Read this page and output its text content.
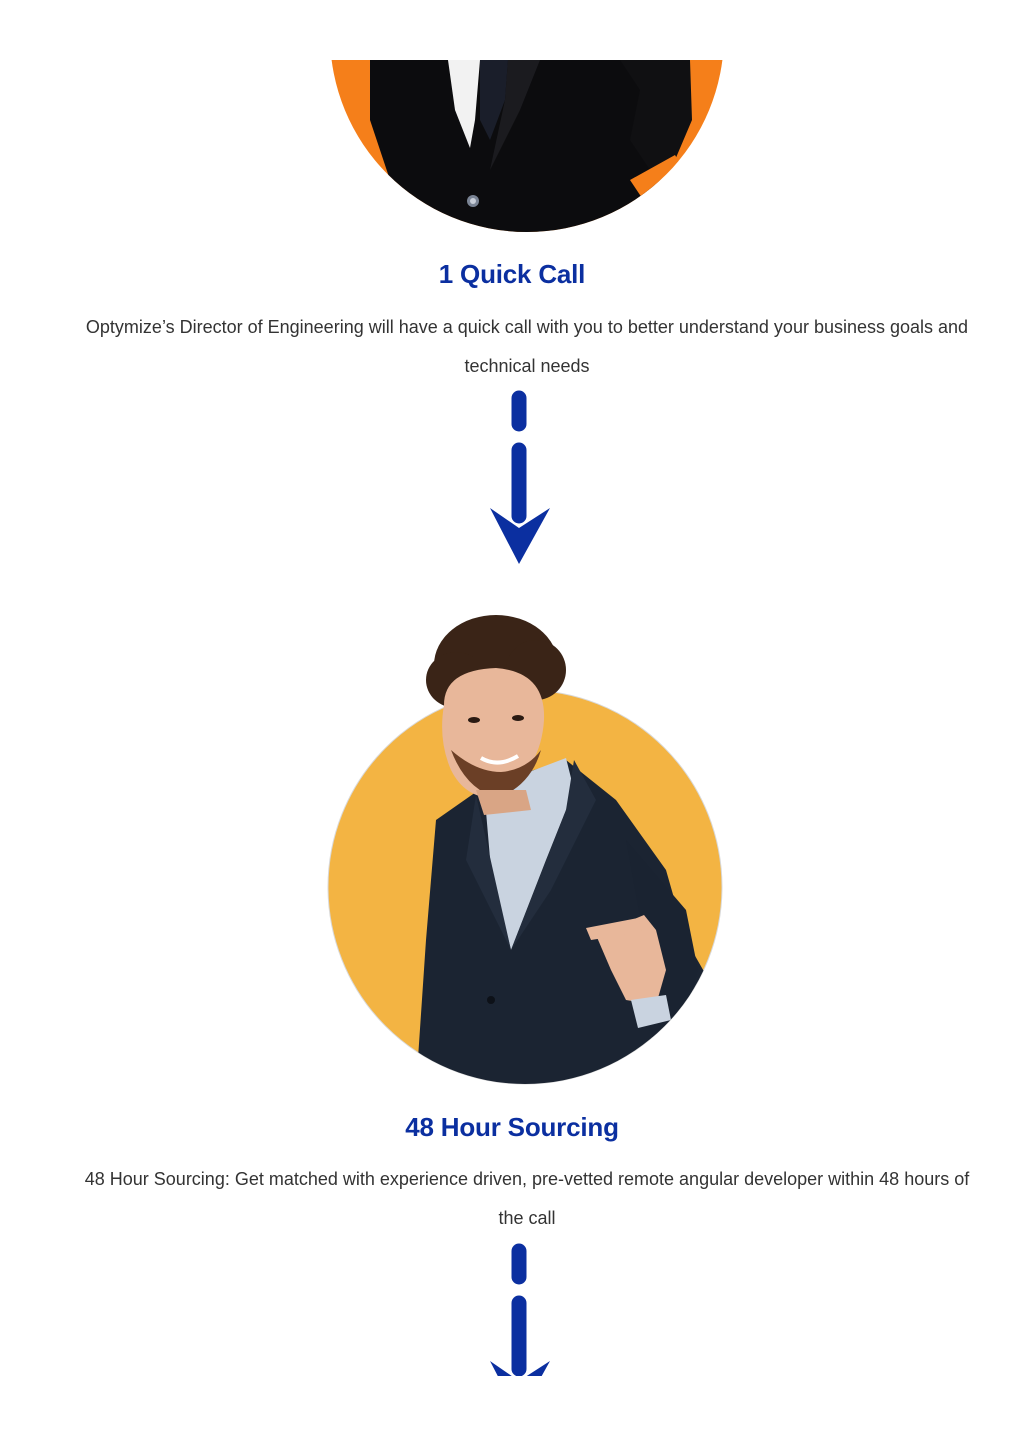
1 Quick Call
Optymize’s Director of Engineering will have a quick call with you to better understand your business goals and technical needs
48 Hour Sourcing
48 Hour Sourcing: Get matched with experience driven, pre-vetted remote angular developer within 48 hours of the call
